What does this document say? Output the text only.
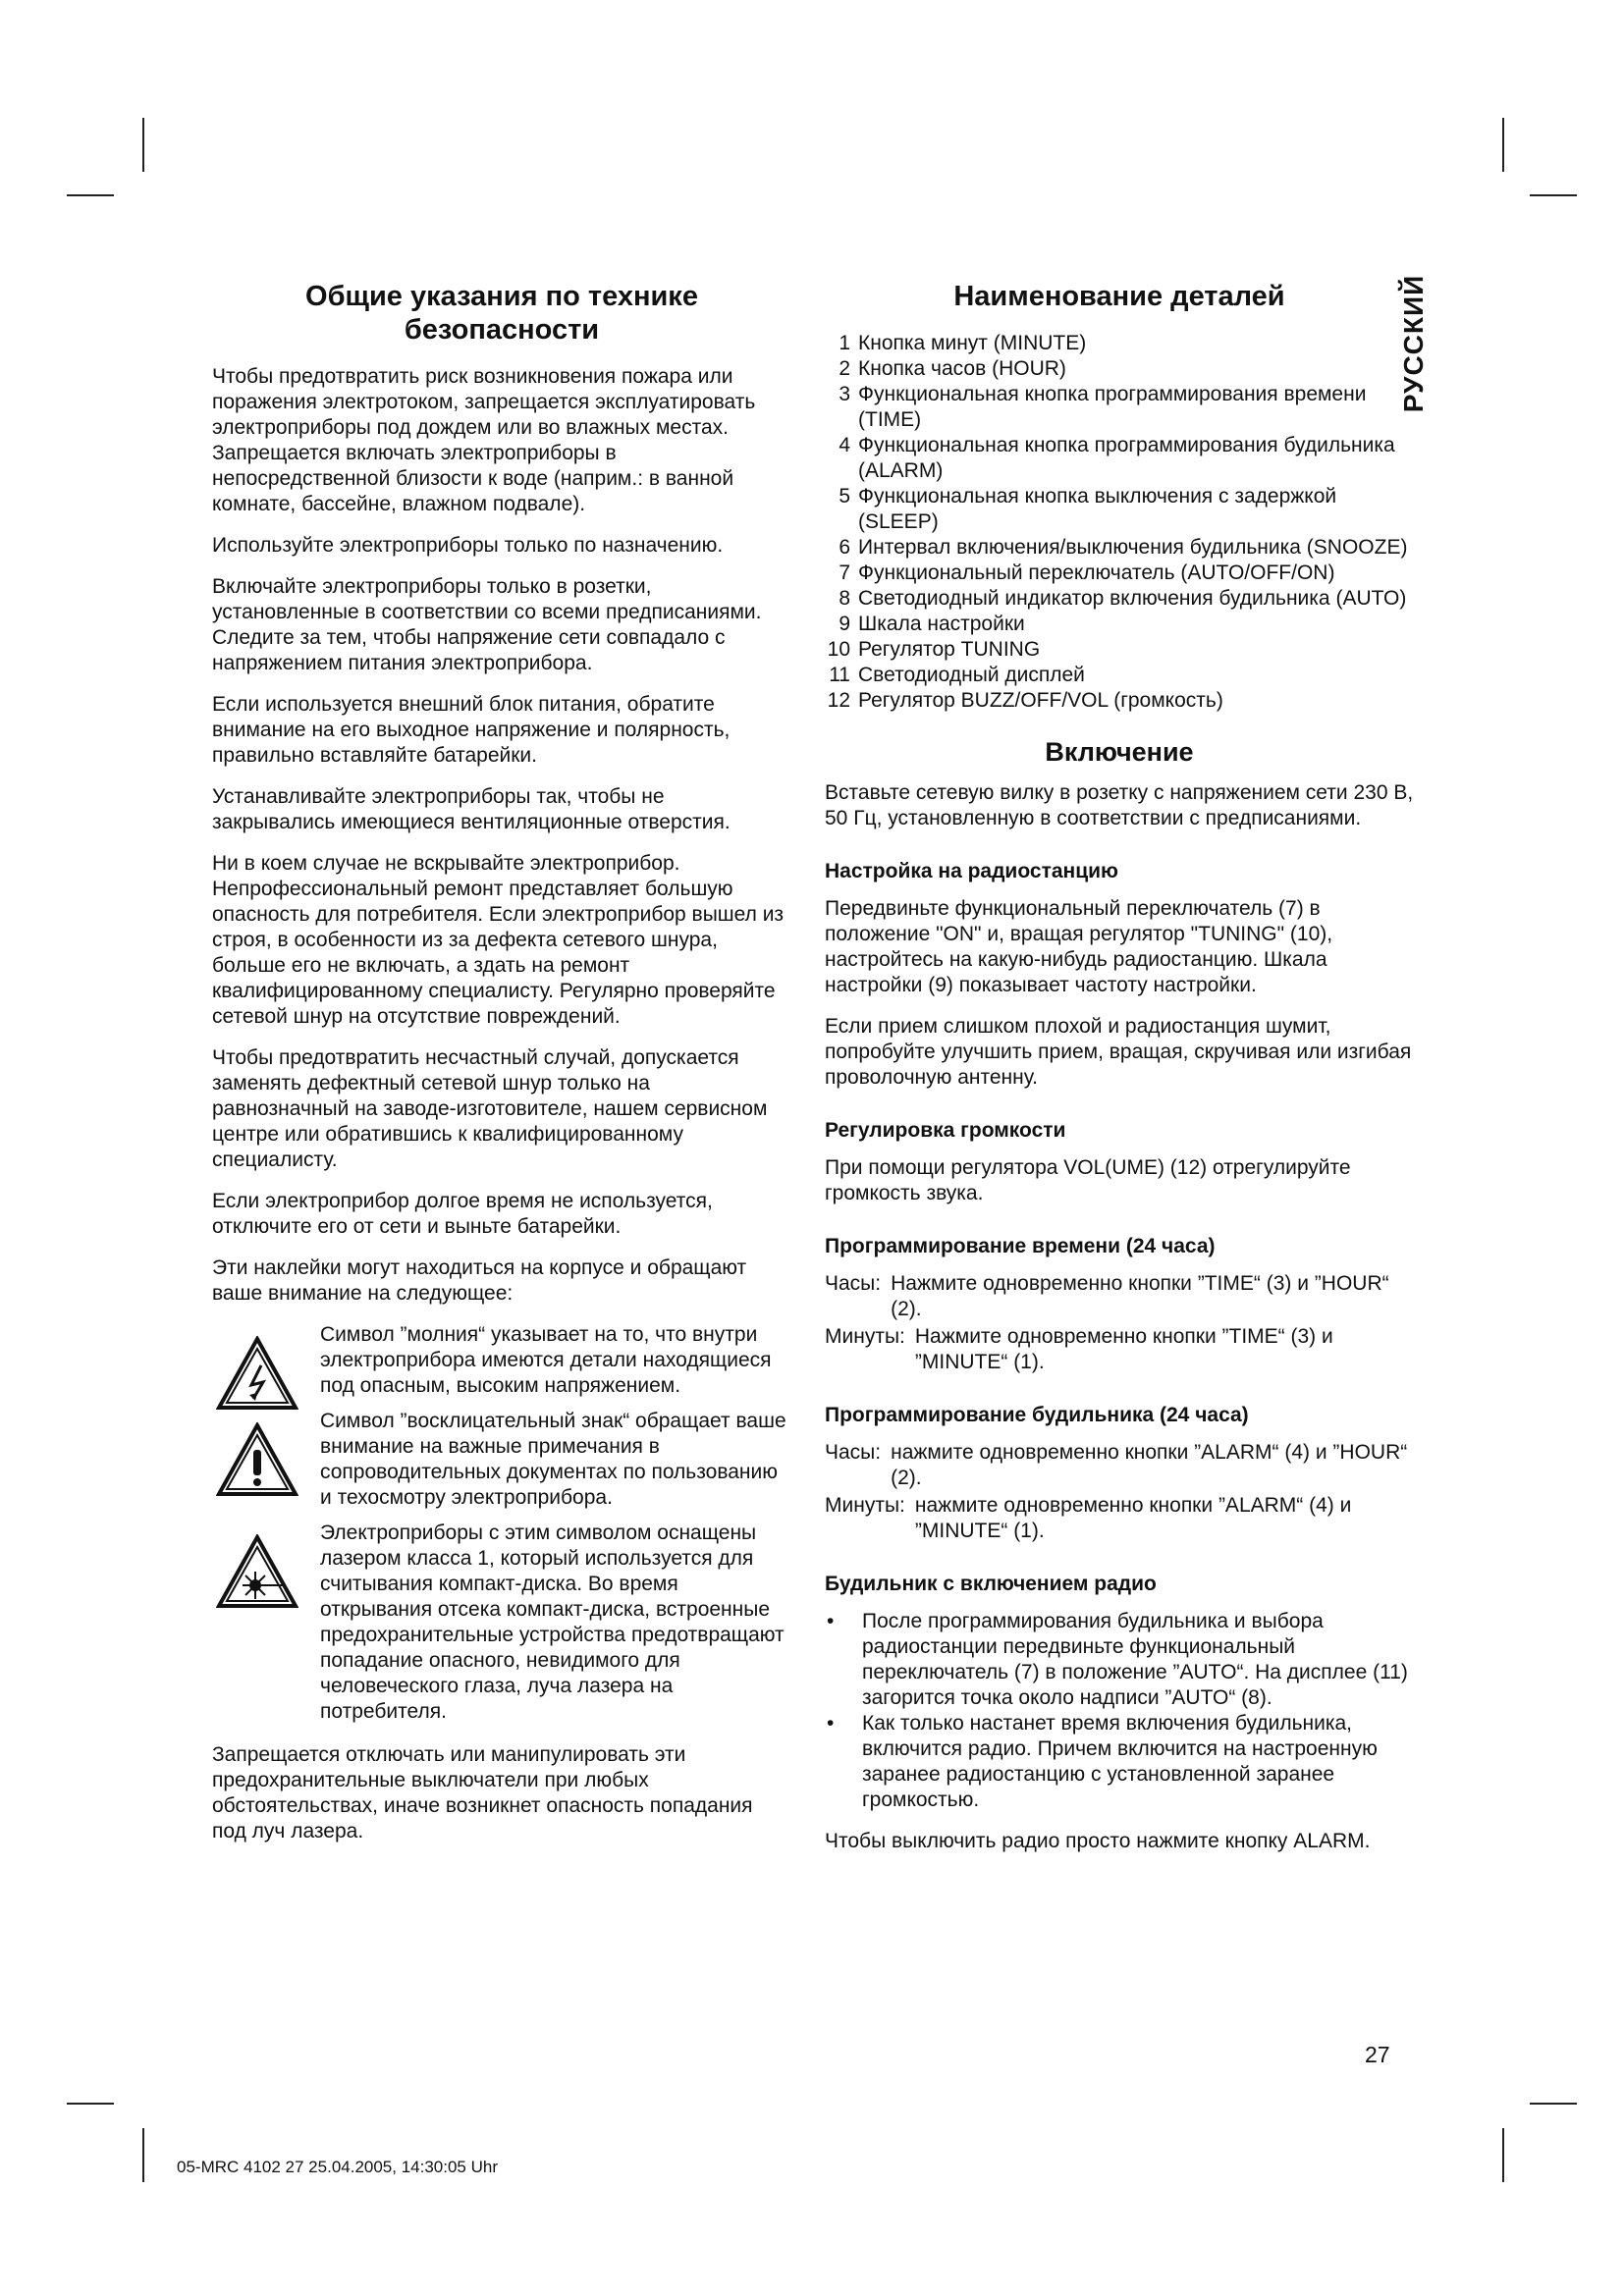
РУССКИЙ
Общие указания по технике безопасности

Чтобы предотвратить риск возникновения пожара или поражения электротоком, запрещается эксплуатировать электроприборы под дождем или во влажных местах. Запрещается включать электроприборы в непосредственной близости к воде (наприм.: в ванной комнате, бассейне, влажном подвале).

Используйте электроприборы только по назначению.

Включайте электроприборы только в розетки, установленные в соответствии со всеми предписаниями. Следите за тем, чтобы напряжение сети совпадало с напряжением питания электроприбора.

Если используется внешний блок питания, обратите внимание на его выходное напряжение и полярность, правильно вставляйте батарейки.

Устанавливайте электроприборы так, чтобы не закрывались имеющиеся вентиляционные отверстия.

Ни в коем случае не вскрывайте электроприбор. Непрофессиональный ремонт представляет большую опасность для потребителя. Если электроприбор вышел из строя, в особенности из за дефекта сетевого шнура, больше его не включать, а здать на ремонт квалифицированному специалисту. Регулярно проверяйте сетевой шнур на отсутствие повреждений.

Чтобы предотвратить несчастный случай, допускается заменять дефектный сетевой шнур только на равнозначный на заводе-изготовителе, нашем сервисном центре или обратившись к квалифицированному специалисту.

Если электроприбор долгое время не используется, отключите его от сети и выньте батарейки.

Эти наклейки могут находиться на корпусе и обращают ваше внимание на следующее:

Символ ”молния“ указывает на то, что внутри электроприбора имеются детали находящиеся под опасным, высоким напряжением.
Символ ”восклицательный знак“ обращает ваше внимание на важные примечания в сопроводительных документах по пользованию и техосмотру электроприбора.
Электроприборы с этим символом оснащены лазером класса 1, который используется для считывания компакт-диска. Во время открывания отсека компакт-диска, встроенные предохранительные устройства предотвращают попадание опасного, невидимого для человеческого глаза, луча лазера на потребителя.

Запрещается отключать или манипулировать эти предохранительные выключатели при любых обстоятельствах, иначе возникнет опасность попадания под луч лазера.

Наименование деталей
1 Кнопка минут (MINUTE)
2 Кнопка часов (HOUR)
3 Функциональная кнопка программирования времени (TIME)
4 Функциональная кнопка программирования будильника (ALARM)
5 Функциональная кнопка выключения с задержкой (SLEEP)
6 Интервал включения/выключения будильника (SNOOZE)
7 Функциональный переключатель (AUTO/OFF/ON)
8 Светодиодный индикатор включения будильника (AUTO)
9 Шкала настройки
10 Регулятор TUNING
11 Светодиодный дисплей
12 Регулятор BUZZ/OFF/VOL (громкость)
Включение

Вставьте сетевую вилку в розетку с напряжением сети 230 В, 50 Гц, установленную в соответствии с предписаниями.

Настройка на радиостанцию

Передвиньте функциональный переключатель (7) в положение "ON" и, вращая регулятор "TUNING" (10), настройтесь на какую-нибудь радиостанцию. Шкала настройки (9) показывает частоту настройки.

Если прием слишком плохой и радиостанция шумит, попробуйте улучшить прием, вращая, скручивая или изгибая проволочную антенну.

Регулировка громкости

При помощи регулятора VOL(UME) (12) отрегулируйте громкость звука.

Программирование времени (24 часа)
Часы: Нажмите одновременно кнопки ”TIME“ (3) и ”HOUR“ (2).
Минуты: Нажмите одновременно кнопки ”TIME“ (3) и ”MINUTE“ (1).
Программирование будильника (24 часа)
Часы: нажмите одновременно кнопки ”ALARM“ (4) и ”HOUR“ (2).
Минуты: нажмите одновременно кнопки ”ALARM“ (4) и ”MINUTE“ (1).
Будильник с включением радио
• После программирования будильника и выбора радиостанции передвиньте функциональный переключатель (7) в положение ”AUTO“. На дисплее (11) загорится точка около надписи ”AUTO“ (8).
• Как только настанет время включения будильника, включится радио. Причем включится на настроенную заранее радиостанцию с установленной заранее громкостью.

Чтобы выключить радио просто нажмите кнопку ALARM.

27
05-MRC 4102 27 25.04.2005, 14:30:05 Uhr
